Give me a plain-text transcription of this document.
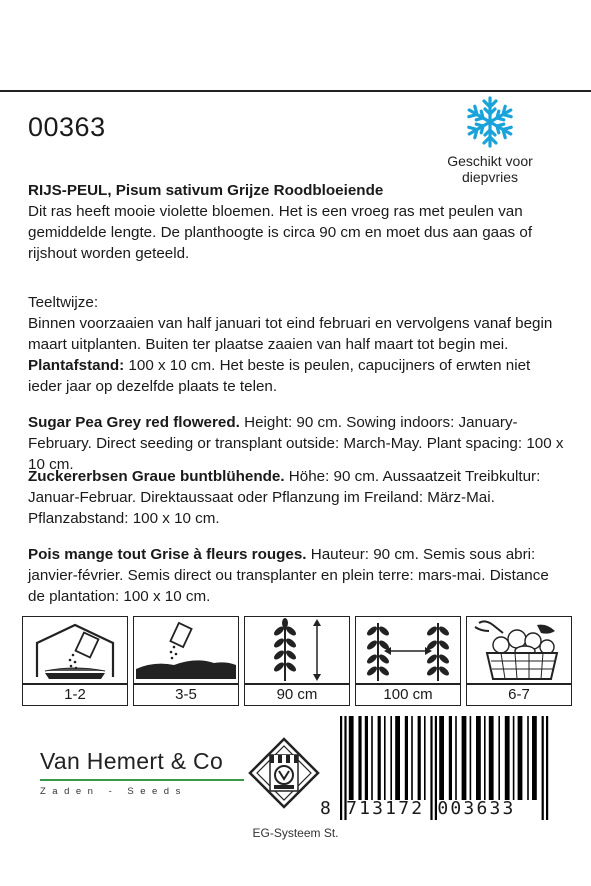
00363
Geschikt voor
diepvries
RIJS-PEUL, Pisum sativum Grijze Roodbloeiende
Dit ras heeft mooie violette bloemen. Het is een vroeg ras met peulen van gemiddelde lengte. De planthoogte is circa 90 cm en moet dus aan gaas of rijshout worden geteeld.
Teeltwijze:
Binnen voorzaaien van half januari tot eind februari en vervolgens vanaf begin maart uitplanten. Buiten ter plaatse zaaien van half maart tot begin mei. Plantafstand: 100 x 10 cm. Het beste is peulen, capucijners of erwten niet ieder jaar op dezelfde plaats te telen.
Sugar Pea Grey red flowered. Height: 90 cm. Sowing indoors: January-February. Direct seeding or transplant outside: March-May. Plant spacing: 100 x 10 cm.
Zuckererbsen Graue buntblühende. Höhe: 90 cm. Aussaatzeit Treibkultur: Januar-Februar. Direktaussaat oder Pflanzung im Freiland: März-Mai. Pflanzabstand: 100 x 10 cm.
Pois mange tout Grise à fleurs rouges. Hauteur: 90 cm. Semis sous abri: janvier-février. Semis direct ou transplanter en plein terre: mars-mai. Distance de plantation: 100 x 10 cm.
1-2	3-5	90 cm	100 cm	6-7
Van Hemert & Co
Zaden - Seeds
8 713172 003633
EG-Systeem St.
